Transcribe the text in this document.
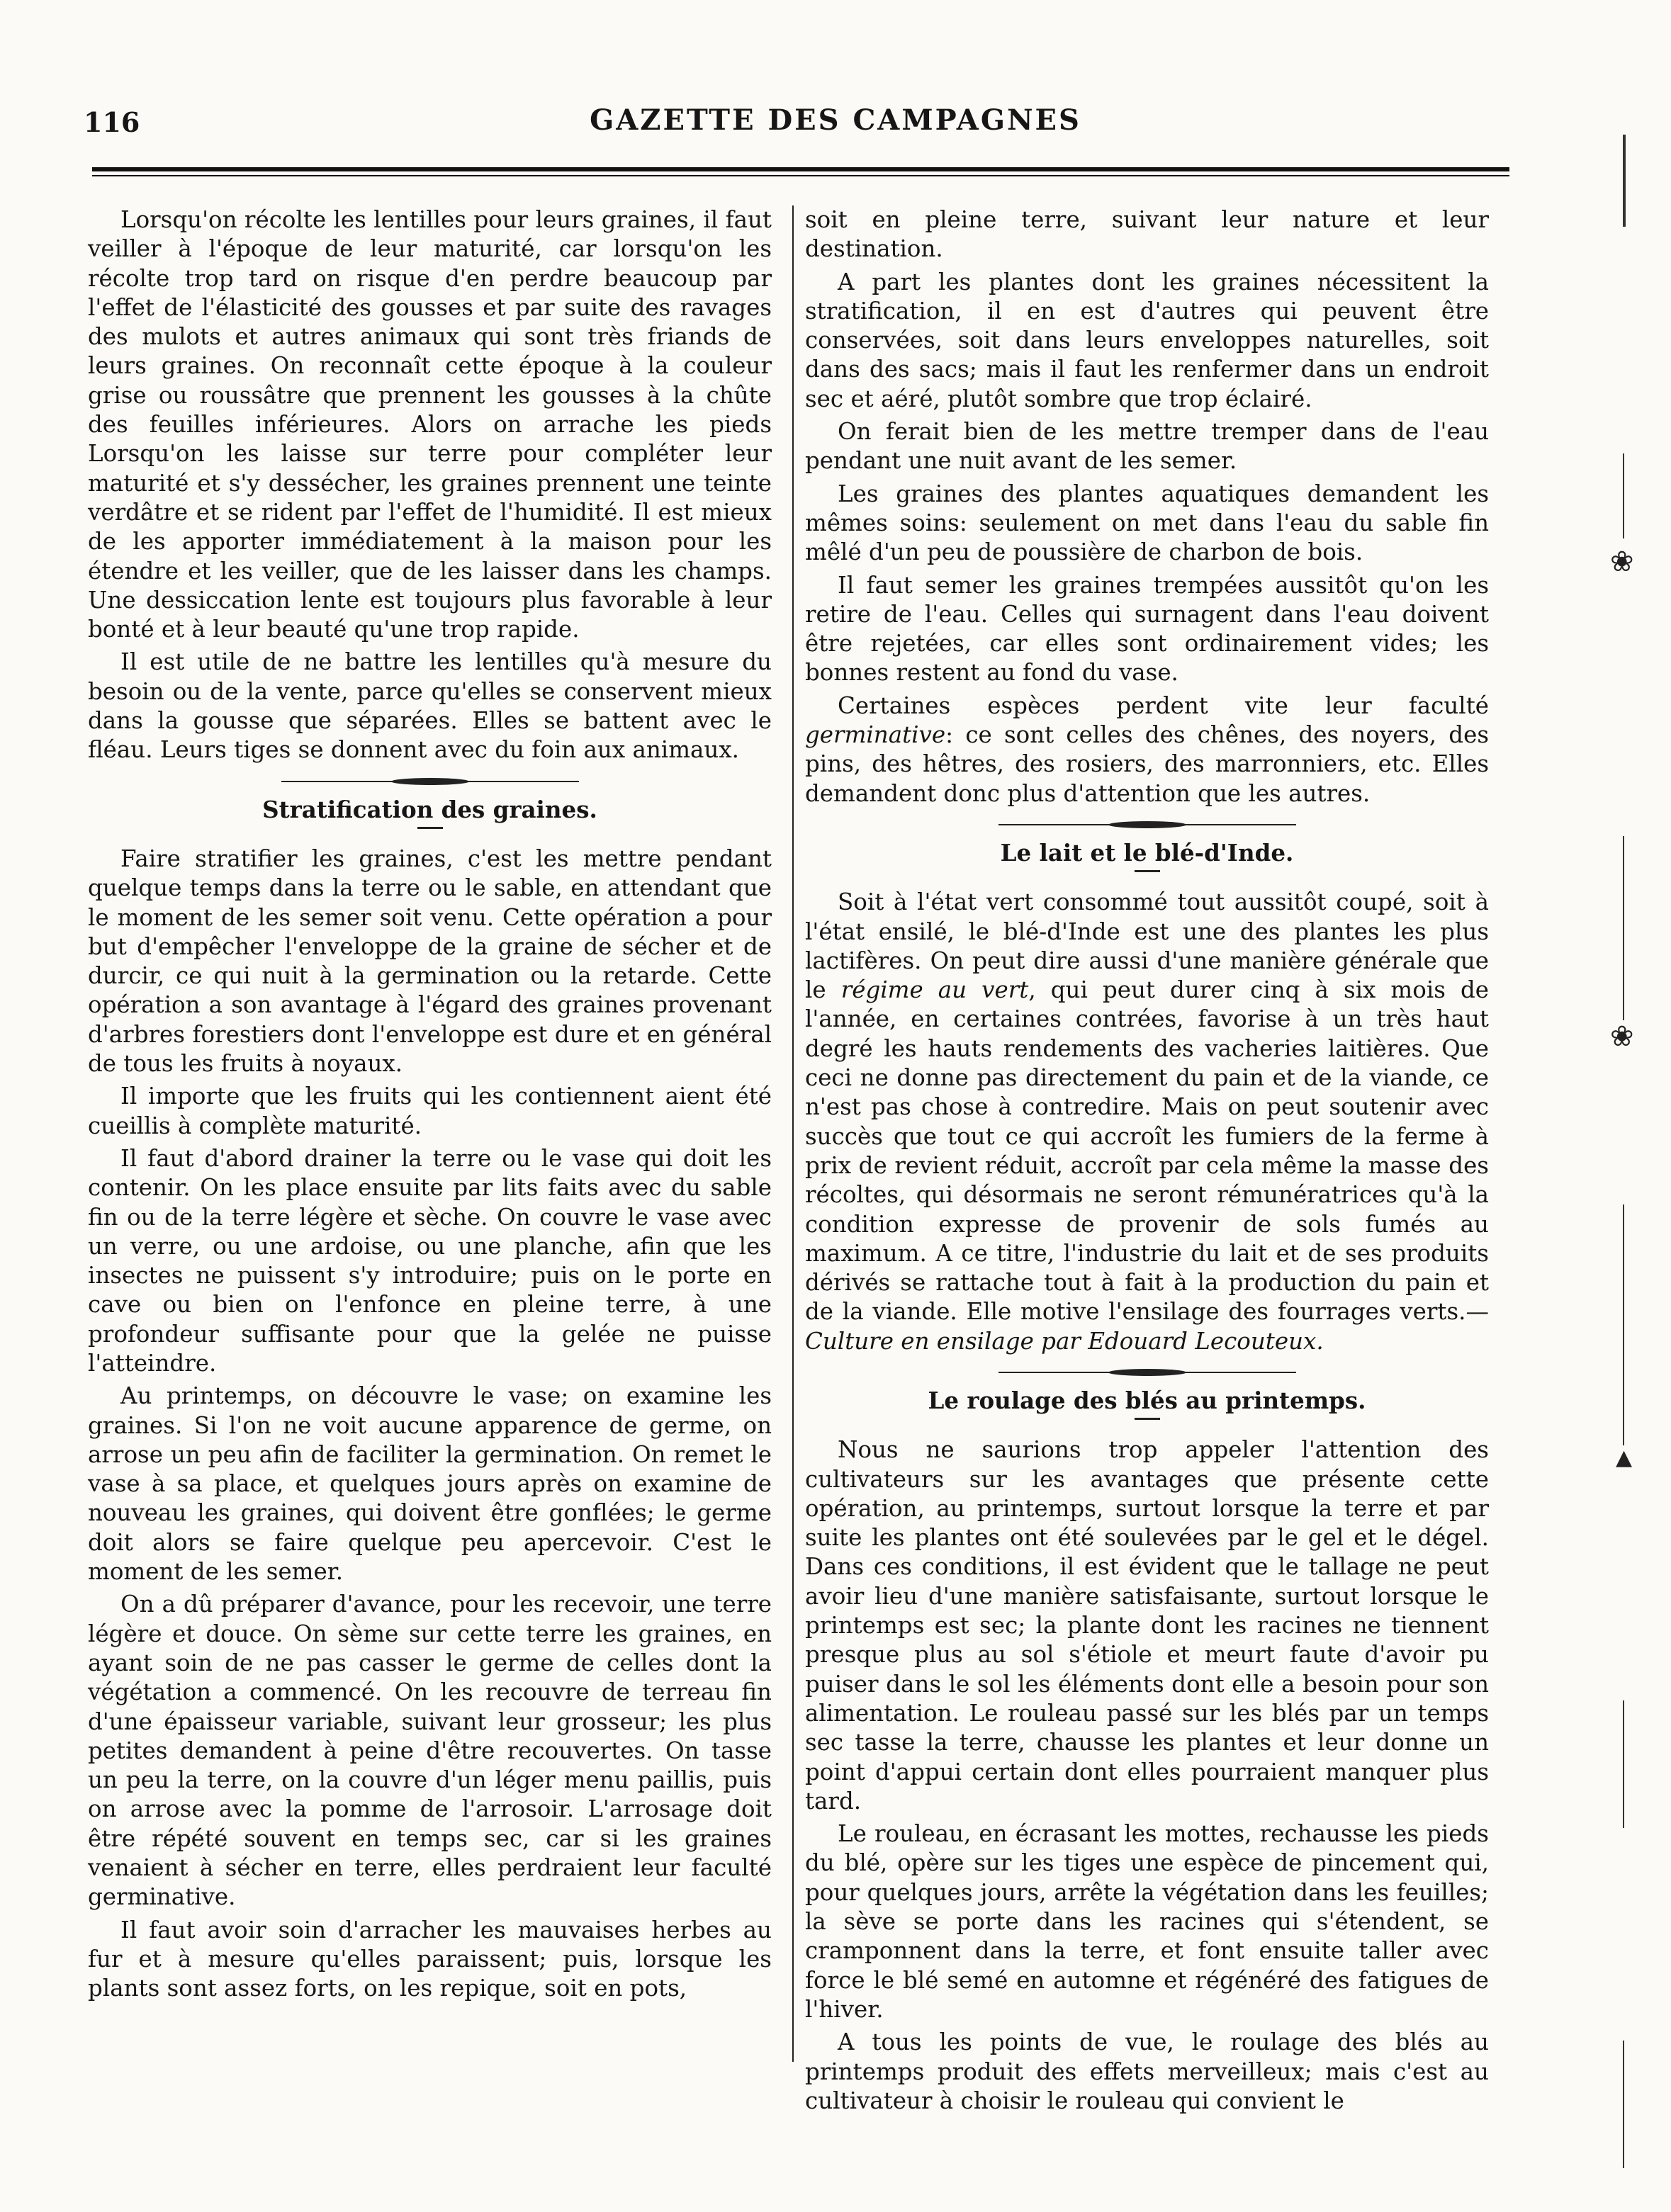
116	GAZETTE DES CAMPAGNES

Lorsqu'on récolte les lentilles pour leurs graines, il faut veiller à l'époque de leur maturité, car lorsqu'on les récolte trop tard on risque d'en perdre beaucoup par l'effet de l'élasticité des gousses et par suite des ravages des mulots et autres animaux qui sont très friands de leurs graines. On reconnaît cette époque à la couleur grise ou roussâtre que prennent les gousses à la chûte des feuilles inférieures. Alors on arrache les pieds Lorsqu'on les laisse sur terre pour compléter leur maturité et s'y dessécher, les graines prennent une teinte verdâtre et se rident par l'effet de l'humidité. Il est mieux de les apporter immédiatement à la maison pour les étendre et les veiller, que de les laisser dans les champs. Une dessiccation lente est toujours plus favorable à leur bonté et à leur beauté qu'une trop rapide.

Il est utile de ne battre les lentilles qu'à mesure du besoin ou de la vente, parce qu'elles se conservent mieux dans la gousse que séparées. Elles se battent avec le fléau. Leurs tiges se donnent avec du foin aux animaux.

Stratification des graines.

Faire stratifier les graines, c'est les mettre pendant quelque temps dans la terre ou le sable, en attendant que le moment de les semer soit venu. Cette opération a pour but d'empêcher l'enveloppe de la graine de sécher et de durcir, ce qui nuit à la germination ou la retarde. Cette opération a son avantage à l'égard des graines provenant d'arbres forestiers dont l'enveloppe est dure et en général de tous les fruits à noyaux.

Il importe que les fruits qui les contiennent aient été cueillis à complète maturité.

Il faut d'abord drainer la terre ou le vase qui doit les contenir. On les place ensuite par lits faits avec du sable fin ou de la terre légère et sèche. On couvre le vase avec un verre, ou une ardoise, ou une planche, afin que les insectes ne puissent s'y introduire; puis on le porte en cave ou bien on l'enfonce en pleine terre, à une profondeur suffisante pour que la gelée ne puisse l'atteindre.

Au printemps, on découvre le vase; on examine les graines. Si l'on ne voit aucune apparence de germe, on arrose un peu afin de faciliter la germination. On remet le vase à sa place, et quelques jours après on examine de nouveau les graines, qui doivent être gonflées; le germe doit alors se faire quelque peu apercevoir. C'est le moment de les semer.

On a dû préparer d'avance, pour les recevoir, une terre légère et douce. On sème sur cette terre les graines, en ayant soin de ne pas casser le germe de celles dont la végétation a commencé. On les recouvre de terreau fin d'une épaisseur variable, suivant leur grosseur; les plus petites demandent à peine d'être recouvertes. On tasse un peu la terre, on la couvre d'un léger menu paillis, puis on arrose avec la pomme de l'arrosoir. L'arrosage doit être répété souvent en temps sec, car si les graines venaient à sécher en terre, elles perdraient leur faculté germinative.

Il faut avoir soin d'arracher les mauvaises herbes au fur et à mesure qu'elles paraissent; puis, lorsque les plants sont assez forts, on les repique, soit en pots,

soit en pleine terre, suivant leur nature et leur destination.

A part les plantes dont les graines nécessitent la stratification, il en est d'autres qui peuvent être conservées, soit dans leurs enveloppes naturelles, soit dans des sacs; mais il faut les renfermer dans un endroit sec et aéré, plutôt sombre que trop éclairé.

On ferait bien de les mettre tremper dans de l'eau pendant une nuit avant de les semer.

Les graines des plantes aquatiques demandent les mêmes soins: seulement on met dans l'eau du sable fin mêlé d'un peu de poussière de charbon de bois.

Il faut semer les graines trempées aussitôt qu'on les retire de l'eau. Celles qui surnagent dans l'eau doivent être rejetées, car elles sont ordinairement vides; les bonnes restent au fond du vase.

Certaines espèces perdent vite leur faculté germinative: ce sont celles des chênes, des noyers, des pins, des hêtres, des rosiers, des marronniers, etc. Elles demandent donc plus d'attention que les autres.

Le lait et le blé-d'Inde.

Soit à l'état vert consommé tout aussitôt coupé, soit à l'état ensilé, le blé-d'Inde est une des plantes les plus lactifères. On peut dire aussi d'une manière générale que le régime au vert, qui peut durer cinq à six mois de l'année, en certaines contrées, favorise à un très haut degré les hauts rendements des vacheries laitières. Que ceci ne donne pas directement du pain et de la viande, ce n'est pas chose à contredire. Mais on peut soutenir avec succès que tout ce qui accroît les fumiers de la ferme à prix de revient réduit, accroît par cela même la masse des récoltes, qui désormais ne seront rémunératrices qu'à la condition expresse de provenir de sols fumés au maximum. A ce titre, l'industrie du lait et de ses produits dérivés se rattache tout à fait à la production du pain et de la viande. Elle motive l'ensilage des fourrages verts.— Culture en ensilage par Edouard Lecouteux.

Le roulage des blés au printemps.

Nous ne saurions trop appeler l'attention des cultivateurs sur les avantages que présente cette opération, au printemps, surtout lorsque la terre et par suite les plantes ont été soulevées par le gel et le dégel. Dans ces conditions, il est évident que le tallage ne peut avoir lieu d'une manière satisfaisante, surtout lorsque le printemps est sec; la plante dont les racines ne tiennent presque plus au sol s'étiole et meurt faute d'avoir pu puiser dans le sol les éléments dont elle a besoin pour son alimentation. Le rouleau passé sur les blés par un temps sec tasse la terre, chausse les plantes et leur donne un point d'appui certain dont elles pourraient manquer plus tard.

Le rouleau, en écrasant les mottes, rechausse les pieds du blé, opère sur les tiges une espèce de pincement qui, pour quelques jours, arrête la végétation dans les feuilles; la sève se porte dans les racines qui s'étendent, se cramponnent dans la terre, et font ensuite taller avec force le blé semé en automne et régénéré des fatigues de l'hiver.

A tous les points de vue, le roulage des blés au printemps produit des effets merveilleux; mais c'est au cultivateur à choisir le rouleau qui convient le

❀
❀
▲
